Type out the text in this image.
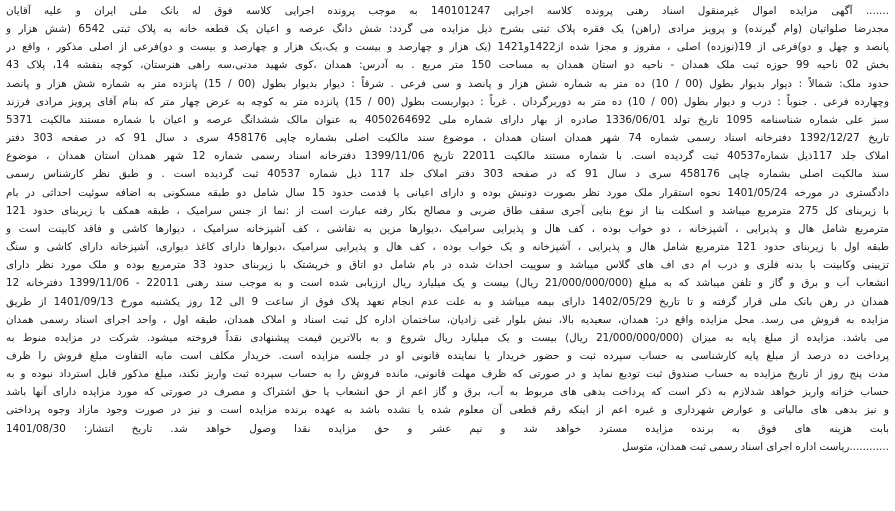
....... آگهی مزایده اموال غیرمنقول اسناد رهنی پرونده کلاسه اجرایی 140101247 به موجب پرونده اجرایی کلاسه فوق له بانک ملی ایران و علیه آقایان
مجدرضا صلواتیان (وام گیرنده) و پرویز مرادی (راهن) یک فقره پلاک ثبتی بشرح ذیل مزایده می گردد: شش دانگ عرصه و اعیان یک قطعه خانه به پلاک ثبتی 6542 (شش هزار و
پانصد و چهل و دو)فرعی از 19(نوزده) اصلی ، مفروز و مجزا شده از1422و1421 (یک هزار و چهارصد و بیست و یک،یک هزار و چهارصد و بیست و دو)فرعی از اصلی مذکور ، واقع در
بخش 02 ناحیه 99 حوزه ثبت ملک همدان - ناحیه دو استان همدان به مساحت 150 متر مربع . به آدرس: همدان ،کوی شهید مدنی،سه راهی هنرستان، کوچه بنفشه 14، پلاک 43
حدود ملک: شمالاً : دیوار بدیوار بطول (00 / 10) ده متر به شماره شش هزار و پانصد و سی فرعی . شرقاً : دیوار بدیوار بطول (00 / 15) پانزده متر به شماره شش هزار و پانصد
وچهارده فرعی . جنوباً : درب و دیوار بطول (00 / 10) ده متر به دوربرگردان . غرباً : دیواربست بطول (00 / 15) پانزده متر به کوچه به عرض چهار متر که بنام آقای پرویز مرادی فرزند
سبز علی شماره شناسنامه 1095 تاریخ تولد 1336/06/01 صادره از بهار دارای شماره ملی 4050264692 به عنوان مالک ششدانگ عرصه و اعیان با شماره مستند مالکیت 5371
تاریخ 1392/12/27 دفترخانه اسناد رسمی شماره 74 شهر همدان استان همدان ، موضوع سند مالکیت اصلی بشماره چاپی 458176 سری د سال 91 که در صفحه 303 دفتر
املاک جلد 117ذیل شماره40537 ثبت گردیده است. با شماره مستند مالکیت 22011 تاریخ 1399/11/06 دفترخانه اسناد رسمی شماره 12 شهر همدان استان همدان ، موضوع
سند مالکیت اصلی بشماره چاپی 458176 سری د سال 91 که در صفحه 303 دفتر املاک جلد 117 ذیل شماره 40537 ثبت گردیده است . و طبق نظر کارشناس رسمی
دادگستری در مورخه 1401/05/24 نحوه استقرار ملک مورد نظر بصورت دونبش بوده و دارای اعیانی با قدمت حدود 15 سال شامل دو طبقه مسکونی به اضافه سوئیت احداثی در بام
با زیربنای کل 275 مترمربع میباشد و اسکلت بنا از نوع بنایی آجری سقف طاق ضربی و مصالح بکار رفته عبارت است از :نما از جنس سرامیک ، طبقه همکف با زیربنای حدود 121
مترمربع شامل هال و پذیرایی ، آشپزخانه ، دو خواب بوده ، کف هال و پذیرایی سرامیک ،دیوارها مزین به نقاشی ، کف آشپزخانه سرامیک ، دیوارها کاشی و فاقد کابینت است و
طبقه اول با زیربنای حدود 121 مترمربع شامل هال و پذیرایی ، آشپزخانه و یک خواب بوده ، کف هال و پذیرایی سرامیک ،دیوارها دارای کاغذ دیواری، آشپزخانه دارای کاشی و سنگ
تزیینی وکابینت با بدنه فلزی و درب ام دی اف های گلاس میباشد و سوییت احداث شده در بام شامل دو اتاق و خرپشتک با زیربنای حدود 33 مترمربع بوده و ملک مورد نظر دارای
انشعاب آب و برق و گاز و تلفن میباشد که به مبلغ (21/000/000/000 ریال) بیست و یک میلیارد ریال ارزیابی شده است و به موجب سند رهنی 22011 - 1399/11/06 دفترخانه 12
همدان در رهن بانک ملی قرار گرفته و تا تاریخ 1402/05/29 دارای بیمه میباشد و به علت عدم انجام تعهد پلاک فوق از ساعت 9 الی 12 روز یکشنبه مورخ 1401/09/13 از طریق
مزایده به فروش می رسد. محل مزایده واقع در: همدان، سعیدیه بالا، نبش بلوار غنی زادیان، ساختمان اداره کل ثبت اسناد و املاک همدان، طبقه اول ، واحد اجرای اسناد رسمی همدان
می باشد. مزایده از مبلغ پایه به میزان (21/000/000/000 ریال) بیست و یک میلیارد ریال شروع و به بالاترین قیمت پیشنهادی نقداً فروخته میشود. شرکت در مزایده منوط به
پرداخت ده درصد از مبلغ پایه کارشناسی به حساب سپرده ثبت و حضور خریدار یا نماینده قانونی او در جلسه مزایده است. خریدار مکلف است مابه التفاوت مبلغ فروش را ظرف
مدت پنج روز از تاریخ مزایده به حساب صندوق ثبت تودیع نماید و در صورتی که ظرف مهلت قانونی، مانده فروش را به حساب سپرده ثبت واریز نکند، مبلغ مذکور قابل استرداد نبوده و به
حساب خزانه واریز خواهد شدلازم به ذکر است که پرداخت بدهی های مربوط به آب، برق و گاز اعم از حق انشعاب یا حق اشتراک و مصرف در صورتی که مورد مزایده دارای آنها باشد
و نیز بدهی های مالیاتی و عوارض شهرداری و غیره اعم از اینکه رقم قطعی آن معلوم شده یا نشده باشد به عهده برنده مزایده است و نیز در صورت وجود مازاد وجوه پرداختی
بابت هزینه های فوق به برنده مزایده مسترد خواهد شد و نیم عشر و حق مزایده نقدا وصول خواهد شد. تاریخ انتشار: 1401/08/30
............ریاست اداره اجرای اسناد رسمی ثبت همدان، متوسل
